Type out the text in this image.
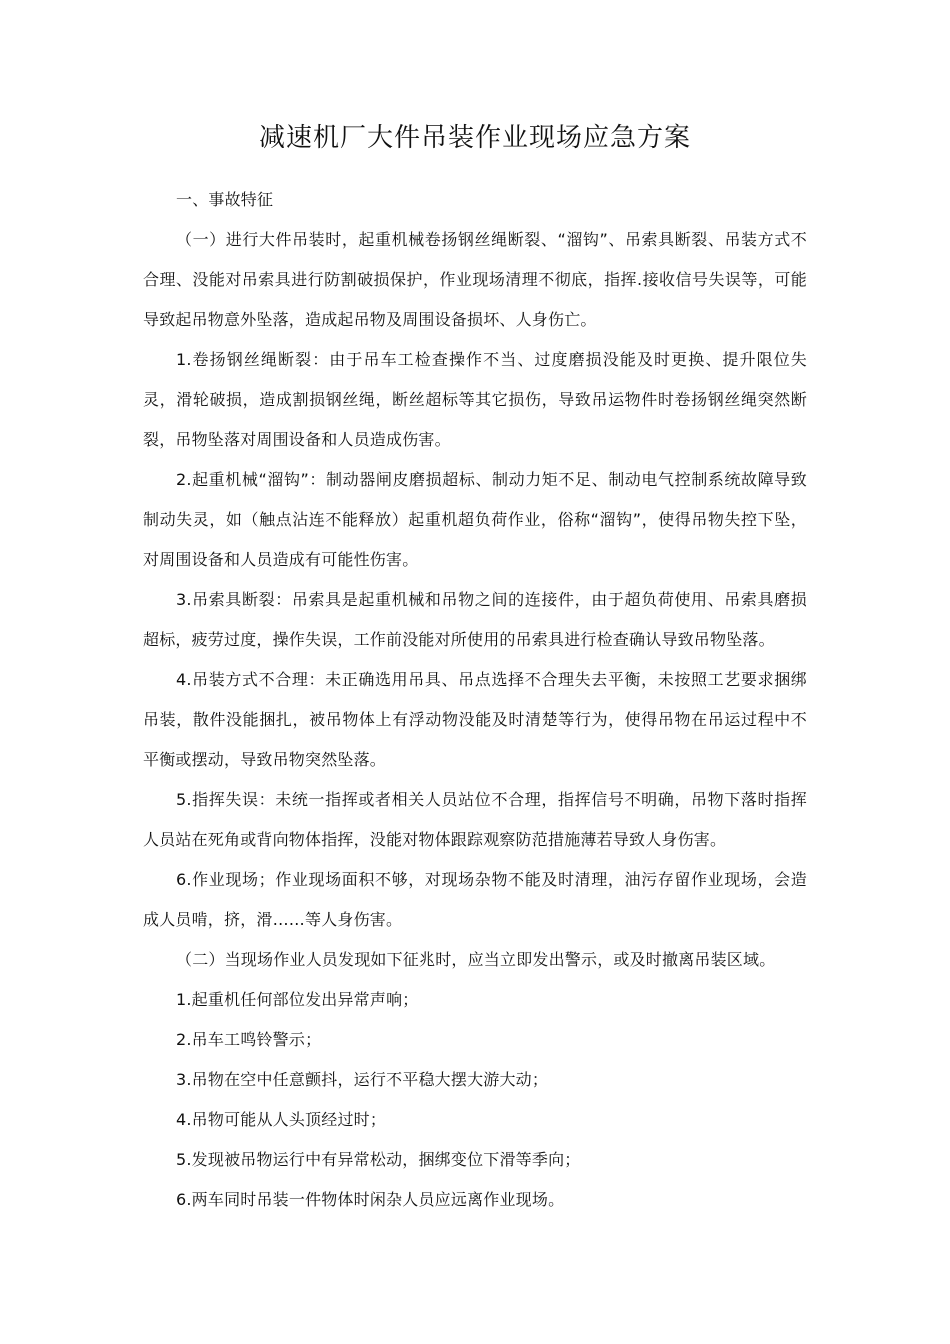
减速机厂大件吊装作业现场应急方案

一、事故特征

（一）进行大件吊装时，起重机械卷扬钢丝绳断裂、“溜钩”、吊索具断裂、吊装方式不合理、没能对吊索具进行防割破损保护，作业现场清理不彻底，指挥.接收信号失误等，可能导致起吊物意外坠落，造成起吊物及周围设备损坏、人身伤亡。

1.卷扬钢丝绳断裂：由于吊车工检查操作不当、过度磨损没能及时更换、提升限位失灵，滑轮破损，造成割损钢丝绳，断丝超标等其它损伤，导致吊运物件时卷扬钢丝绳突然断裂，吊物坠落对周围设备和人员造成伤害。

2.起重机械“溜钩”：制动器闸皮磨损超标、制动力矩不足、制动电气控制系统故障导致制动失灵，如（触点沾连不能释放）起重机超负荷作业，俗称“溜钩”，使得吊物失控下坠，对周围设备和人员造成有可能性伤害。

3.吊索具断裂：吊索具是起重机械和吊物之间的连接件，由于超负荷使用、吊索具磨损超标，疲劳过度，操作失误，工作前没能对所使用的吊索具进行检查确认导致吊物坠落。

4.吊装方式不合理：未正确选用吊具、吊点选择不合理失去平衡，未按照工艺要求捆绑吊装，散件没能捆扎，被吊物体上有浮动物没能及时清楚等行为，使得吊物在吊运过程中不平衡或摆动，导致吊物突然坠落。

5.指挥失误：未统一指挥或者相关人员站位不合理，指挥信号不明确，吊物下落时指挥人员站在死角或背向物体指挥，没能对物体跟踪观察防范措施薄若导致人身伤害。

6.作业现场；作业现场面积不够，对现场杂物不能及时清理，油污存留作业现场，会造成人员啃，挤，滑……等人身伤害。

（二）当现场作业人员发现如下征兆时，应当立即发出警示，或及时撤离吊装区域。

1.起重机任何部位发出异常声响；

2.吊车工鸣铃警示；

3.吊物在空中任意颤抖，运行不平稳大摆大游大动；

4.吊物可能从人头顶经过时；

5.发现被吊物运行中有异常松动，捆绑变位下滑等季向；

6.两车同时吊装一件物体时闲杂人员应远离作业现场。
